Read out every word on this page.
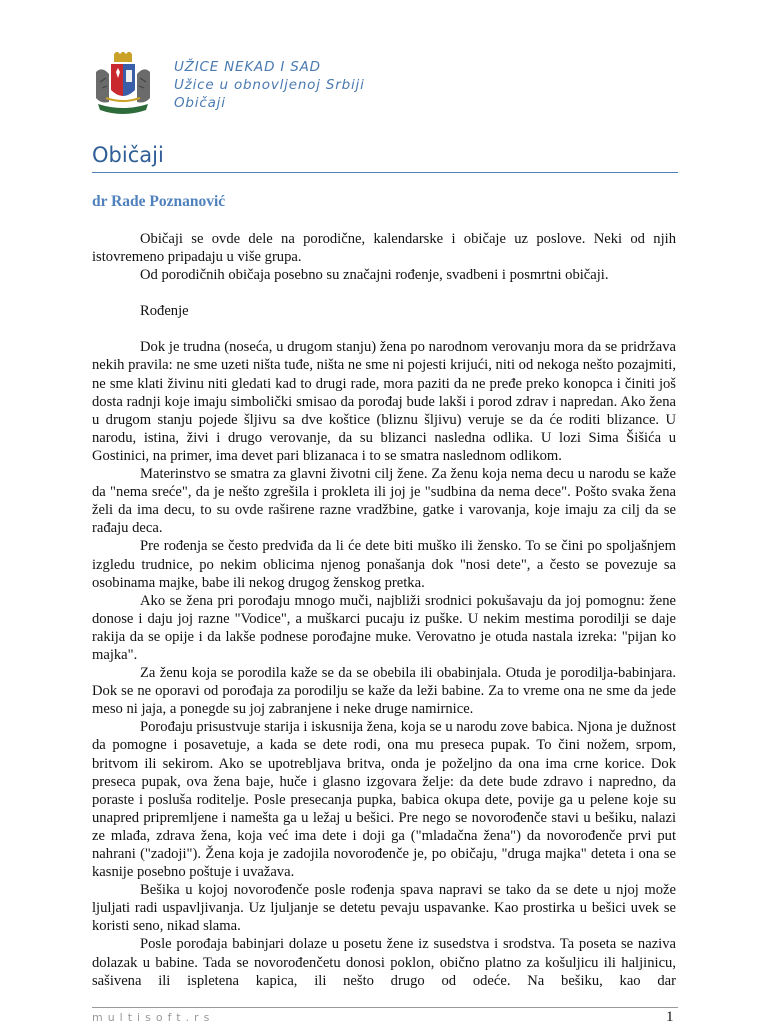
UŽICE NEKAD I SAD
Užice u obnovljenoj Srbiji
Običaji
Običaji
dr Rade Poznanović

Običaji se ovde dele na porodične, kalendarske i običaje uz poslove. Neki od njih istovremeno pripadaju u više grupa.

Od porodičnih običaja posebno su značajni rođenje, svadbeni i posmrtni običaji.

Rođenje

Dok je trudna (noseća, u drugom stanju) žena po narodnom verovanju mora da se pridržava nekih pravila: ne sme uzeti ništa tuđe, ništa ne sme ni pojesti krijući, niti od nekoga nešto pozajmiti, ne sme klati živinu niti gledati kad to drugi rade, mora paziti da ne pređe preko konopca i činiti još dosta radnji koje imaju simbolički smisao da porođaj bude lakši i porod zdrav i napredan. Ako žena u drugom stanju pojede šljivu sa dve koštice (bliznu šljivu) veruje se da će roditi blizance. U narodu, istina, živi i drugo verovanje, da su blizanci nasledna odlika. U lozi Sima Šišića u Gostinici, na primer, ima devet pari blizanaca i to se smatra naslednom odlikom.

Materinstvo se smatra za glavni životni cilj žene. Za ženu koja nema decu u narodu se kaže da "nema sreće", da je nešto zgrešila i prokleta ili joj je "sudbina da nema dece". Pošto svaka žena želi da ima decu, to su ovde raširene razne vradžbine, gatke i varovanja, koje imaju za cilj da se rađaju deca.

Pre rođenja se često predviđa da li će dete biti muško ili žensko. To se čini po spoljašnjem izgledu trudnice, po nekim oblicima njenog ponašanja dok "nosi dete", a često se povezuje sa osobinama majke, babe ili nekog drugog ženskog pretka.

Ako se žena pri porođaju mnogo muči, najbliži srodnici pokušavaju da joj pomognu: žene donose i daju joj razne "Vodice", a muškarci pucaju iz puške. U nekim mestima porodilji se daje rakija da se opije i da lakše podnese porođajne muke. Verovatno je otuda nastala izreka: "pijan ko majka".

Za ženu koja se porodila kaže se da se obebila ili obabinjala. Otuda je porodilja-babinjara. Dok se ne oporavi od porođaja za porodilju se kaže da leži babine. Za to vreme ona ne sme da jede meso ni jaja, a ponegde su joj zabranjene i neke druge namirnice.

Porođaju prisustvuje starija i iskusnija žena, koja se u narodu zove babica. Njona je dužnost da pomogne i posavetuje, a kada se dete rodi, ona mu preseca pupak. To čini nožem, srpom, britvom ili sekirom. Ako se upotrebljava britva, onda je poželjno da ona ima crne korice. Dok preseca pupak, ova žena baje, huče i glasno izgovara želje: da dete bude zdravo i napredno, da poraste i posluša roditelje. Posle presecanja pupka, babica okupa dete, povije ga u pelene koje su unapred pripremljene i namešta ga u ležaj u bešici. Pre nego se novorođenče stavi u bešiku, nalazi ze mlađa, zdrava žena, koja već ima dete i doji ga ("mladačna žena") da novorođenče prvi put nahrani ("zadoji"). Žena koja je zadojila novorođenče je, po običaju, "druga majka" deteta i ona se kasnije posebno poštuje i uvažava.

Bešika u kojoj novorođenče posle rođenja spava napravi se tako da se dete u njoj može ljuljati radi uspavljivanja. Uz ljuljanje se detetu pevaju uspavanke. Kao prostirka u bešici uvek se koristi seno, nikad slama.

Posle porođaja babinjari dolaze u posetu žene iz susedstva i srodstva. Ta poseta se naziva dolazak u babine. Tada se novorođenčetu donosi poklon, obično platno za košuljicu ili haljinicu, sašivena ili ispletena kapica, ili nešto drugo od odeće. Na bešiku, kao dar

multisoft.rs	1
